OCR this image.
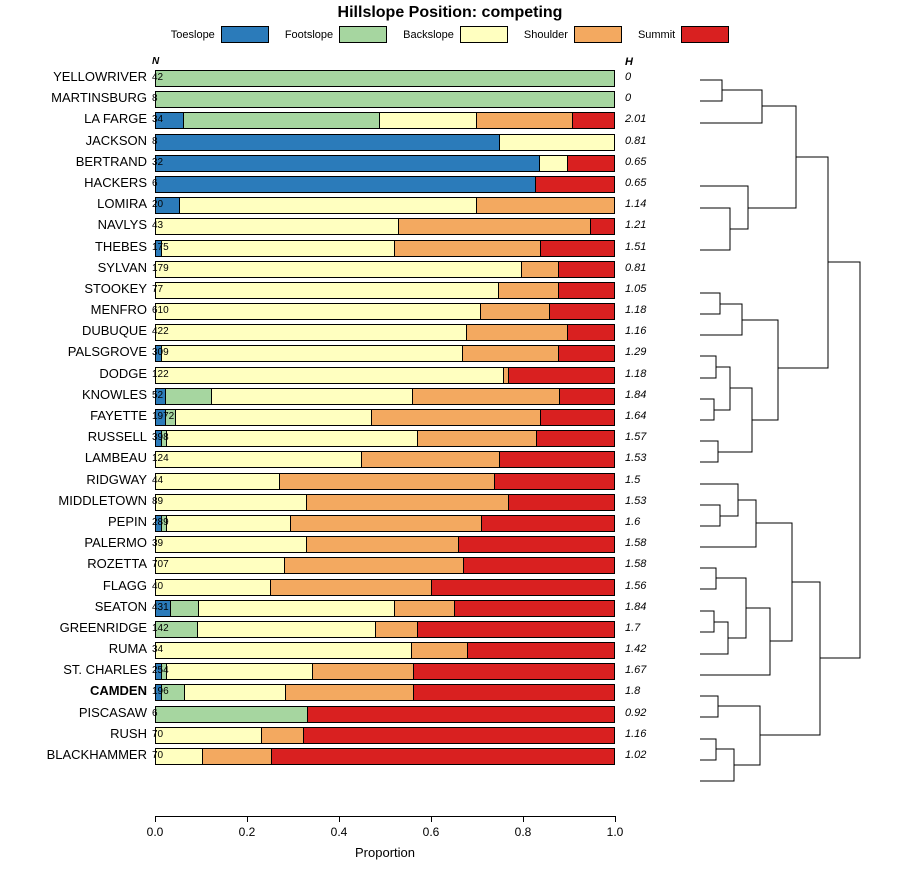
Hillslope Position: competing
Toeslope	Footslope	Backslope	Shoulder	Summit
N	H
YELLOWRIVER 42	0
MARTINSBURG 8	0
LA FARGE 34	2.01
JACKSON 8	0.81
BERTRAND 32	0.65
HACKERS 6	0.65
LOMIRA 20	1.14
NAVLYS 43	1.21
THEBES 175	1.51
SYLVAN 179	0.81
STOOKEY 77	1.05
MENFRO 610	1.18
DUBUQUE 422	1.16
PALSGROVE 309	1.29
DODGE 122	1.18
KNOWLES 52	1.84
FAYETTE 1972	1.64
RUSSELL 398	1.57
LAMBEAU 124	1.53
RIDGWAY 44	1.5
MIDDLETOWN 89	1.53
PEPIN 289	1.6
PALERMO 39	1.58
ROZETTA 707	1.58
FLAGG 40	1.56
SEATON 431	1.84
GREENRIDGE 142	1.7
RUMA 34	1.42
ST. CHARLES 254	1.67
CAMDEN 196	1.8
PISCASAW 6	0.92
RUSH 70	1.16
BLACKHAMMER 70	1.02
0.0	0.2	0.4	0.6	0.8	1.0
Proportion
